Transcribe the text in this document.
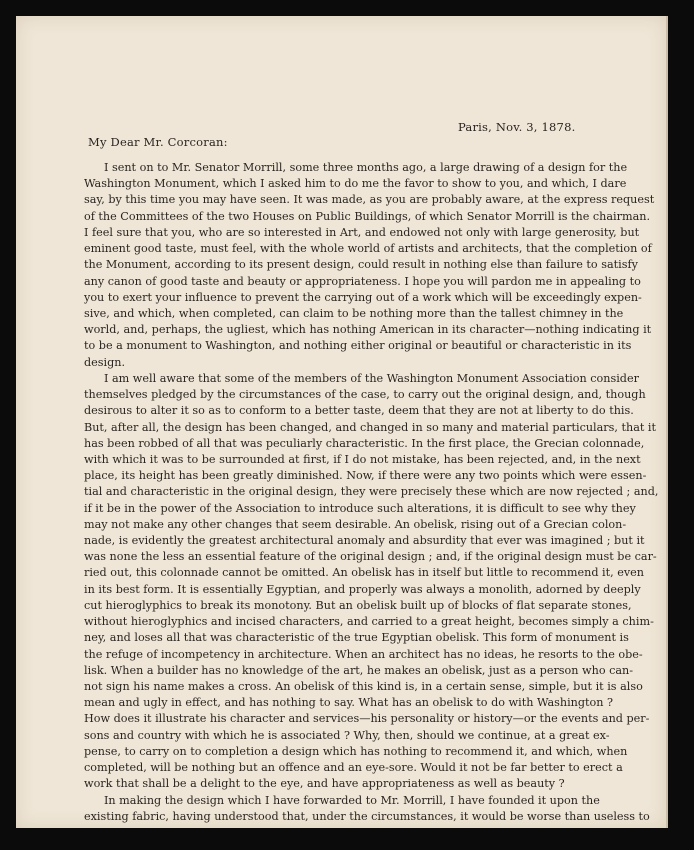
Paris, Nov. 3, 1878.
My Dear Mr. Corcoran:
I sent on to Mr. Senator Morrill, some three months ago, a large drawing of a design for the
Washington Monument, which I asked him to do me the favor to show to you, and which, I dare
say, by this time you may have seen. It was made, as you are probably aware, at the express request
of the Committees of the two Houses on Public Buildings, of which Senator Morrill is the chairman.
I feel sure that you, who are so interested in Art, and endowed not only with large generosity, but
eminent good taste, must feel, with the whole world of artists and architects, that the completion of
the Monument, according to its present design, could result in nothing else than failure to satisfy
any canon of good taste and beauty or appropriateness. I hope you will pardon me in appealing to
you to exert your influence to prevent the carrying out of a work which will be exceedingly expen-
sive, and which, when completed, can claim to be nothing more than the tallest chimney in the
world, and, perhaps, the ugliest, which has nothing American in its character—nothing indicating it
to be a monument to Washington, and nothing either original or beautiful or characteristic in its
design.
I am well aware that some of the members of the Washington Monument Association consider
themselves pledged by the circumstances of the case, to carry out the original design, and, though
desirous to alter it so as to conform to a better taste, deem that they are not at liberty to do this.
But, after all, the design has been changed, and changed in so many and material particulars, that it
has been robbed of all that was peculiarly characteristic. In the first place, the Grecian colonnade,
with which it was to be surrounded at first, if I do not mistake, has been rejected, and, in the next
place, its height has been greatly diminished. Now, if there were any two points which were essen-
tial and characteristic in the original design, they were precisely these which are now rejected ; and,
if it be in the power of the Association to introduce such alterations, it is difficult to see why they
may not make any other changes that seem desirable. An obelisk, rising out of a Grecian colon-
nade, is evidently the greatest architectural anomaly and absurdity that ever was imagined ; but it
was none the less an essential feature of the original design ; and, if the original design must be car-
ried out, this colonnade cannot be omitted. An obelisk has in itself but little to recommend it, even
in its best form. It is essentially Egyptian, and properly was always a monolith, adorned by deeply
cut hieroglyphics to break its monotony. But an obelisk built up of blocks of flat separate stones,
without hieroglyphics and incised characters, and carried to a great height, becomes simply a chim-
ney, and loses all that was characteristic of the true Egyptian obelisk. This form of monument is
the refuge of incompetency in architecture. When an architect has no ideas, he resorts to the obe-
lisk. When a builder has no knowledge of the art, he makes an obelisk, just as a person who can-
not sign his name makes a cross. An obelisk of this kind is, in a certain sense, simple, but it is also
mean and ugly in effect, and has nothing to say. What has an obelisk to do with Washington ?
How does it illustrate his character and services—his personality or history—or the events and per-
sons and country with which he is associated ? Why, then, should we continue, at a great ex-
pense, to carry on to completion a design which has nothing to recommend it, and which, when
completed, will be nothing but an offence and an eye-sore. Would it not be far better to erect a
work that shall be a delight to the eye, and have appropriateness as well as beauty ?
In making the design which I have forwarded to Mr. Morrill, I have founded it upon the
existing fabric, having understood that, under the circumstances, it would be worse than useless to
